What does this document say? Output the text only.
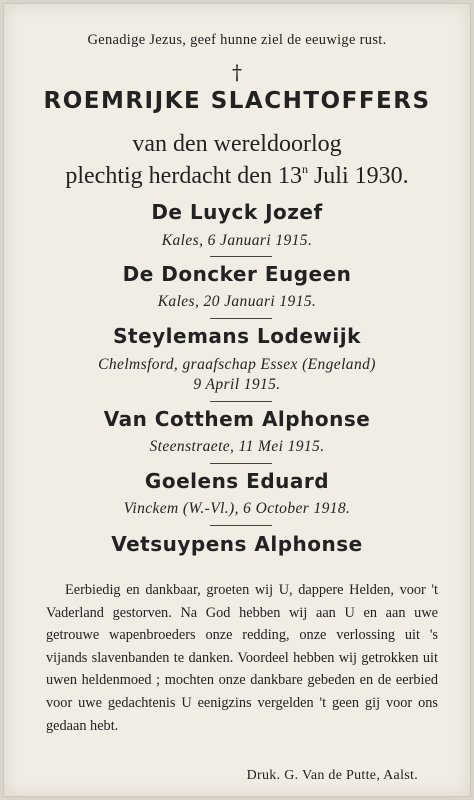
Genadige Jezus, geef hunne ziel de eeuwige rust.
†
ROEMRIJKE SLACHTOFFERS
van den wereldoorlog
plechtig herdacht den 13$^n$ Juli 1930.
De Luyck Jozef
Kales, 6 Januari 1915.
De Doncker Eugeen
Kales, 20 Januari 1915.
Steylemans Lodewijk
Chelmsford, graafschap Essex (Engeland)
9 April 1915.
Van Cotthem Alphonse
Steenstraete, 11 Mei 1915.
Goelens Eduard
Vinckem (W.-Vl.), 6 October 1918.
Vetsuypens Alphonse
Eerbiedig en dankbaar, groeten wij U, dappere Helden, voor 't Vaderland gestorven. Na God hebben wij aan U en aan uwe getrouwe wapenbroeders onze redding, onze verlossing uit 's vijands slavenbanden te danken. Voordeel hebben wij getrokken uit uwen heldenmoed ; mochten onze dankbare gebeden en de eerbied voor uwe gedachtenis U eenigzins vergelden 't geen gij voor ons gedaan hebt.
Druk. G. Van de Putte, Aalst.
